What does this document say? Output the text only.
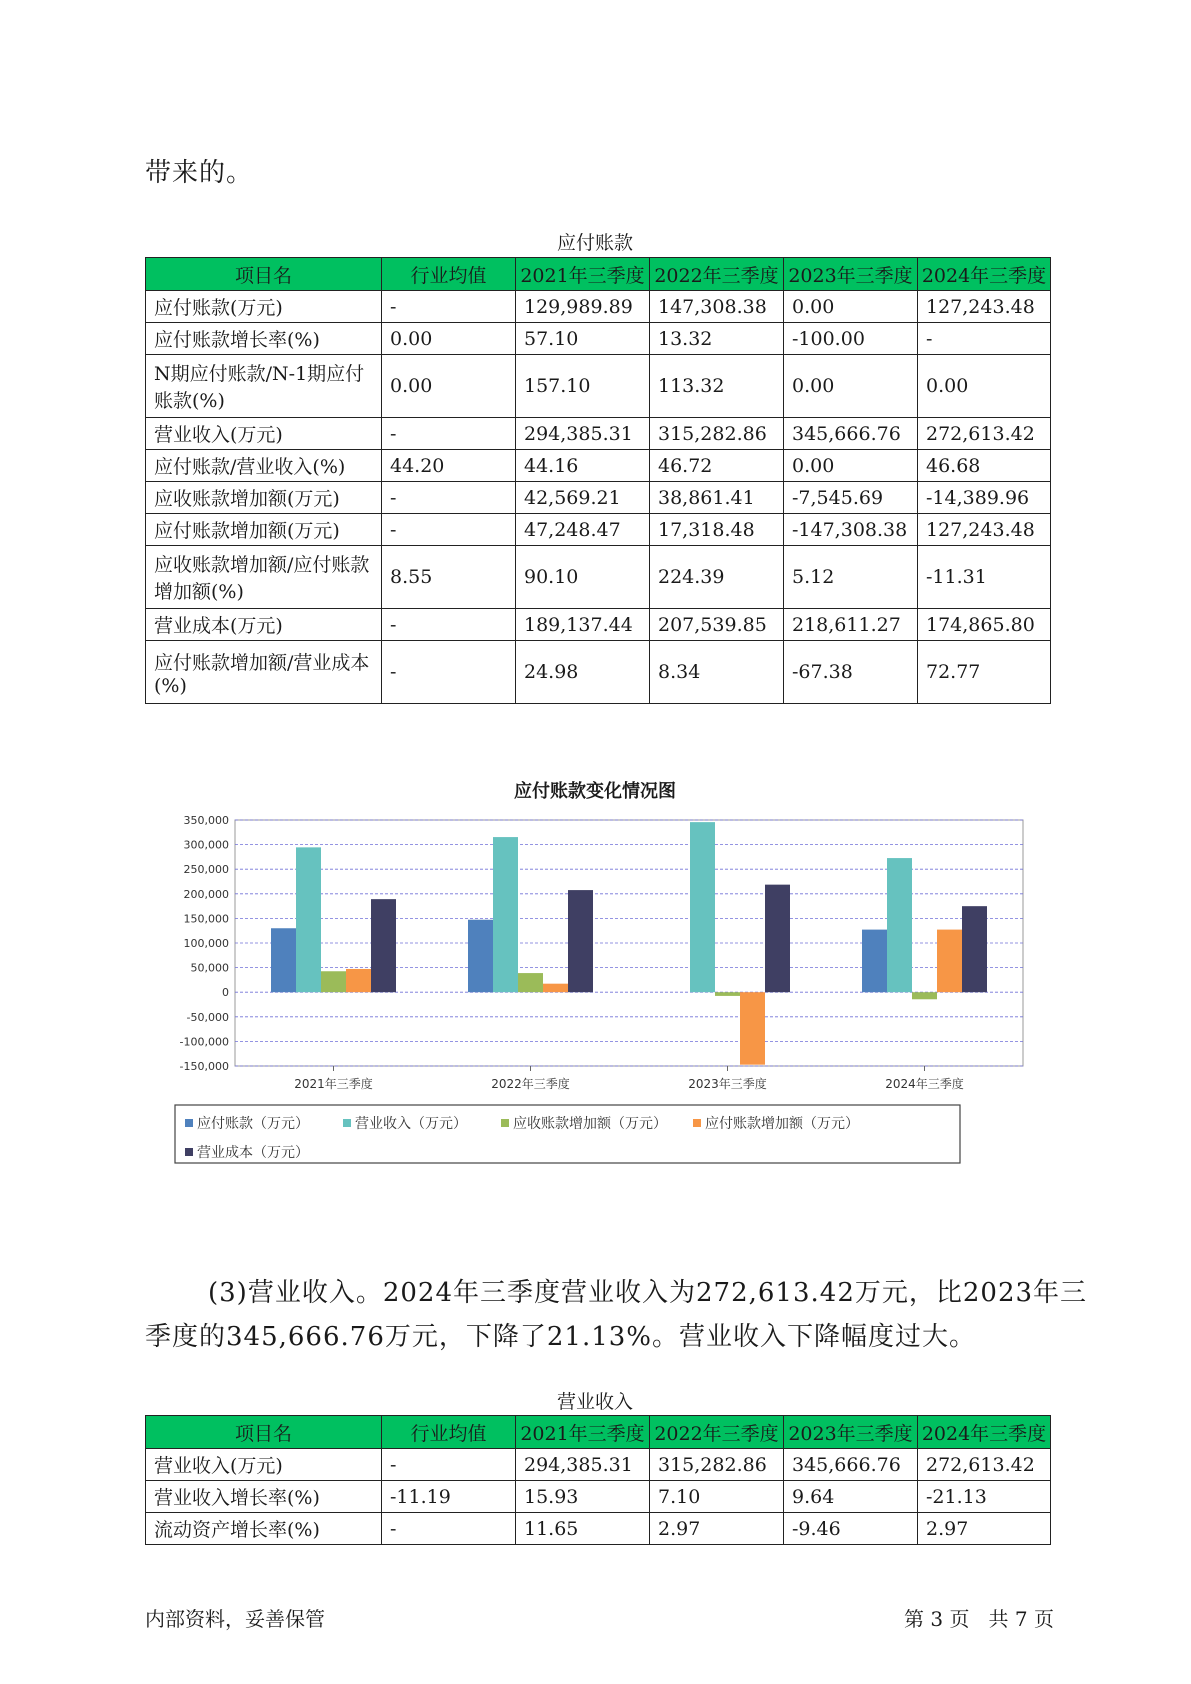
带来的。
应付账款
项目名	行业均值	2021年三季度	2022年三季度	2023年三季度	2024年三季度
应付账款(万元)	-	129,989.89	147,308.38	0.00	127,243.48
应付账款增长率(%)	0.00	57.10	13.32	-100.00	-
N期应付账款/N-1期应付账款(%)	0.00	157.10	113.32	0.00	0.00
营业收入(万元)	-	294,385.31	315,282.86	345,666.76	272,613.42
应付账款/营业收入(%)	44.20	44.16	46.72	0.00	46.68
应收账款增加额(万元)	-	42,569.21	38,861.41	-7,545.69	-14,389.96
应付账款增加额(万元)	-	47,248.47	17,318.48	-147,308.38	127,243.48
应收账款增加额/应付账款增加额(%)	8.55	90.10	224.39	5.12	-11.31
营业成本(万元)	-	189,137.44	207,539.85	218,611.27	174,865.80
应付账款增加额/营业成本(%)	-	24.98	8.34	-67.38	72.77
应付账款变化情况图
350,000
300,000
250,000
200,000
150,000
100,000
50,000
0
-50,000
-100,000
-150,000
2021年三季度	2022年三季度	2023年三季度	2024年三季度
应付账款（万元）	营业收入（万元）	应收账款增加额（万元）	应付账款增加额（万元）
营业成本（万元）
(3)营业收入。2024年三季度营业收入为272,613.42万元，比2023年三
季度的345,666.76万元，下降了21.13%。营业收入下降幅度过大。
营业收入
项目名	行业均值	2021年三季度	2022年三季度	2023年三季度	2024年三季度
营业收入(万元)	-	294,385.31	315,282.86	345,666.76	272,613.42
营业收入增长率(%)	-11.19	15.93	7.10	9.64	-21.13
流动资产增长率(%)	-	11.65	2.97	-9.46	2.97
内部资料，妥善保管	第 3 页   共 7 页
